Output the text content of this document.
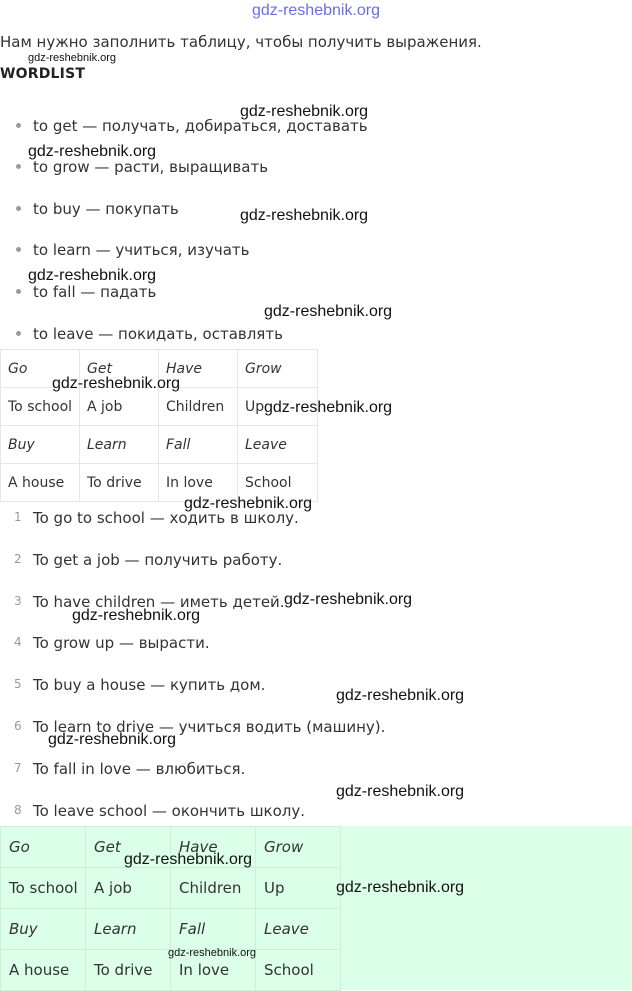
gdz-reshebnik.org
Нам нужно заполнить таблицу, чтобы получить выражения.
WORDLIST
to get — получать, добираться, доставать
to grow — расти, выращивать
to buy — покупать
to learn — учиться, изучать
to fall — падать
to leave — покидать, оставлять
Go	Get	Have	Grow
To school	A job	Children	Up
Buy	Learn	Fall	Leave
A house	To drive	In love	School
1 To go to school — ходить в школу.
2 To get a job — получить работу.
3 To have children — иметь детей.
4 To grow up — вырасти.
5 To buy a house — купить дом.
6 To learn to drive — учиться водить (машину).
7 To fall in love — влюбиться.
8 To leave school — окончить школу.
Go	Get	Have	Grow
To school	A job	Children	Up
Buy	Learn	Fall	Leave
A house	To drive	In love	School
gdz-reshebnik.org
gdz-reshebnik.org
gdz-reshebnik.org
gdz-reshebnik.org
gdz-reshebnik.org
gdz-reshebnik.org
gdz-reshebnik.org
gdz-reshebnik.org
gdz-reshebnik.org
gdz-reshebnik.org
gdz-reshebnik.org
gdz-reshebnik.org
gdz-reshebnik.org
gdz-reshebnik.org
gdz-reshebnik.org
gdz-reshebnik.org
gdz-reshebnik.org
